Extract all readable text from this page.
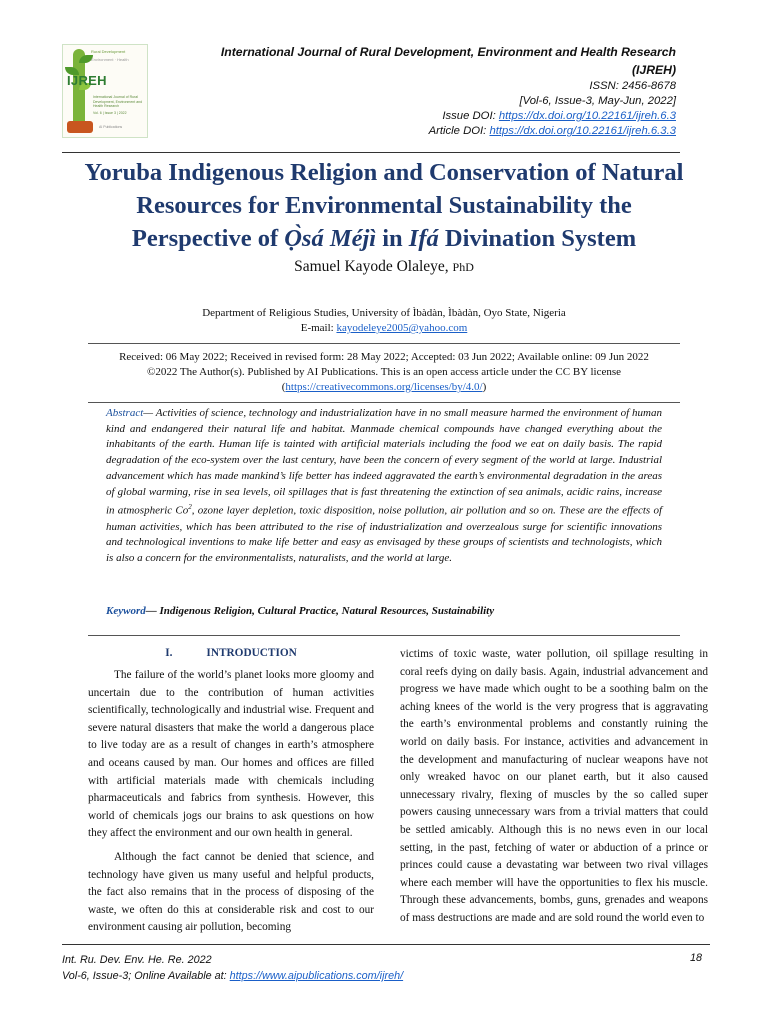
Rural Development
Environment · Health
IJREH
International Journal of Rural Development, Environment and Health Research
Vol. 6 | Issue 3 | 2022
AI Publications
International Journal of Rural Development, Environment and Health Research
(IJREH)
ISSN: 2456-8678
[Vol-6, Issue-3, May-Jun, 2022]
Issue DOI: https://dx.doi.org/10.22161/ijreh.6.3
Article DOI: https://dx.doi.org/10.22161/ijreh.6.3.3
Yoruba Indigenous Religion and Conservation of Natural
Resources for Environmental Sustainability the
Perspective of Ọ̀sá Méjì in Ifá Divination System
Samuel Kayode Olaleye, PhD
Department of Religious Studies, University of Ìbàdàn, Ìbàdàn, Oyo State, Nigeria
E-mail: kayodeleye2005@yahoo.com
Received: 06 May 2022; Received in revised form: 28 May 2022; Accepted: 03 Jun 2022; Available online: 09 Jun 2022
©2022 The Author(s). Published by AI Publications. This is an open access article under the CC BY license
(https://creativecommons.org/licenses/by/4.0/)
Abstract— Activities of science, technology and industrialization have in no small measure harmed the environment of human kind and endangered their natural life and habitat. Manmade chemical compounds have changed everything about the inhabitants of the earth. Human life is tainted with artificial materials including the food we eat on daily basis. The rapid degradation of the eco-system over the last century, have been the concern of every segment of the world at large. Industrial advancement which has made mankind’s life better has indeed aggravated the earth’s environmental degradation in the areas of global warming, rise in sea levels, oil spillages that is fast threatening the extinction of sea animals, acidic rains, increase in atmospheric Co$^2$, ozone layer depletion, toxic disposition, noise pollution, air pollution and so on. These are the effects of human activities, which has been attributed to the rise of industrialization and overzealous surge for scientific innovations and technological inventions to make life better and easy as envisaged by these groups of scientists and technologists, which is also a concern for the environmentalists, naturalists, and the world at large.
Keyword— Indigenous Religion, Cultural Practice, Natural Resources, Sustainability
I.	INTRODUCTION

The failure of the world’s planet looks more gloomy and uncertain due to the contribution of human activities scientifically, technologically and industrial wise. Frequent and severe natural disasters that make the world a dangerous place to live today are as a result of changes in earth’s atmosphere and oceans caused by man. Our homes and offices are filled with artificial materials made with chemicals including pharmaceuticals and fabrics from synthesis. However, this world of chemicals jogs our brains to ask questions on how they affect the environment and our own health in general.

Although the fact cannot be denied that science, and technology have given us many useful and helpful products, the fact also remains that in the process of disposing of the waste, we often do this at considerable risk and cost to our environment causing air pollution, becoming

victims of toxic waste, water pollution, oil spillage resulting in coral reefs dying on daily basis. Again, industrial advancement and progress we have made which ought to be a soothing balm on the aching knees of the world is the very progress that is aggravating the earth’s environmental problems and constantly ruining the world on daily basis. For instance, activities and advancement in the development and manufacturing of nuclear weapons have not only wreaked havoc on our planet earth, but it also caused unnecessary rivalry, flexing of muscles by the so called super powers causing unnecessary wars from a trivial matters that could be settled amicably. Although this is no news even in our local setting, in the past, fetching of water or abduction of a prince or princes could cause a devastating war between two rival villages where each member will have the opportunities to flex his muscle. Through these advancements, bombs, guns, grenades and weapons of mass destructions are made and are sold round the world even to

Int. Ru. Dev. Env. He. Re. 2022
Vol-6, Issue-3; Online Available at: https://www.aipublications.com/ijreh/
18
